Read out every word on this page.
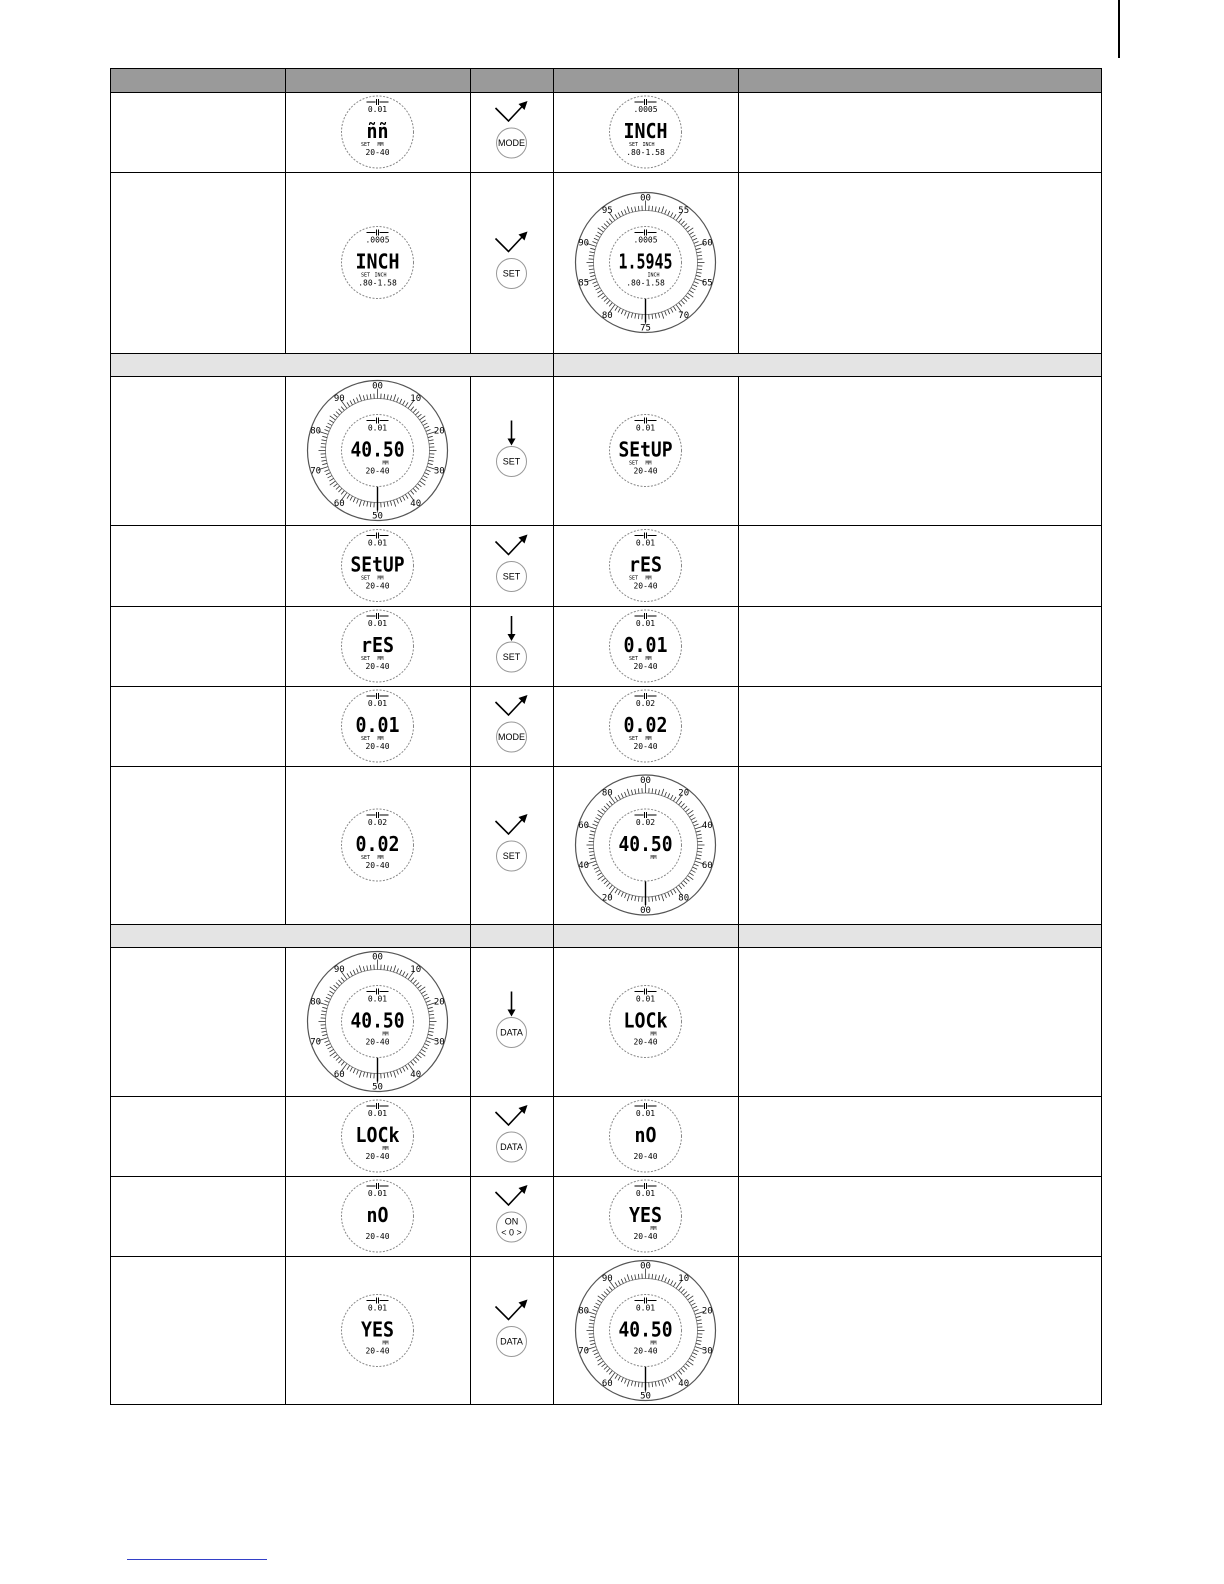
0.01
ññ
SET MM
20-40
MODE
.0005
INCH
SET INCH
.80-1.58
.0005
INCH
SET INCH
.80-1.58
SET
00
55
60
65
70
75
80
85
90
95
.0005
1.5945
INCH
.80-1.58
00
10
20
30
40
50
60
70
80
90
0.01
40.50
MM
20-40
SET
0.01
SEtUP
SET MM
20-40
0.01
SEtUP
SET MM
20-40
SET
0.01
rES
SET MM
20-40
0.01
rES
SET MM
20-40
SET
0.01
0.01
SET MM
20-40
0.01
0.01
SET MM
20-40
MODE
0.02
0.02
SET MM
20-40
0.02
0.02
SET MM
20-40
SET
00
20
40
60
80
00
20
40
60
80
0.02
40.50
MM
00
10
20
30
40
50
60
70
80
90
0.01
40.50
MM
20-40
DATA
0.01
LOCk
MM
20-40
0.01
LOCk
MM
20-40
DATA
0.01
nO
20-40
0.01
nO
20-40
ON
< 0 >
0.01
YES
MM
20-40
0.01
YES
MM
20-40
DATA
00
10
20
30
40
50
60
70
80
90
0.01
40.50
MM
20-40
